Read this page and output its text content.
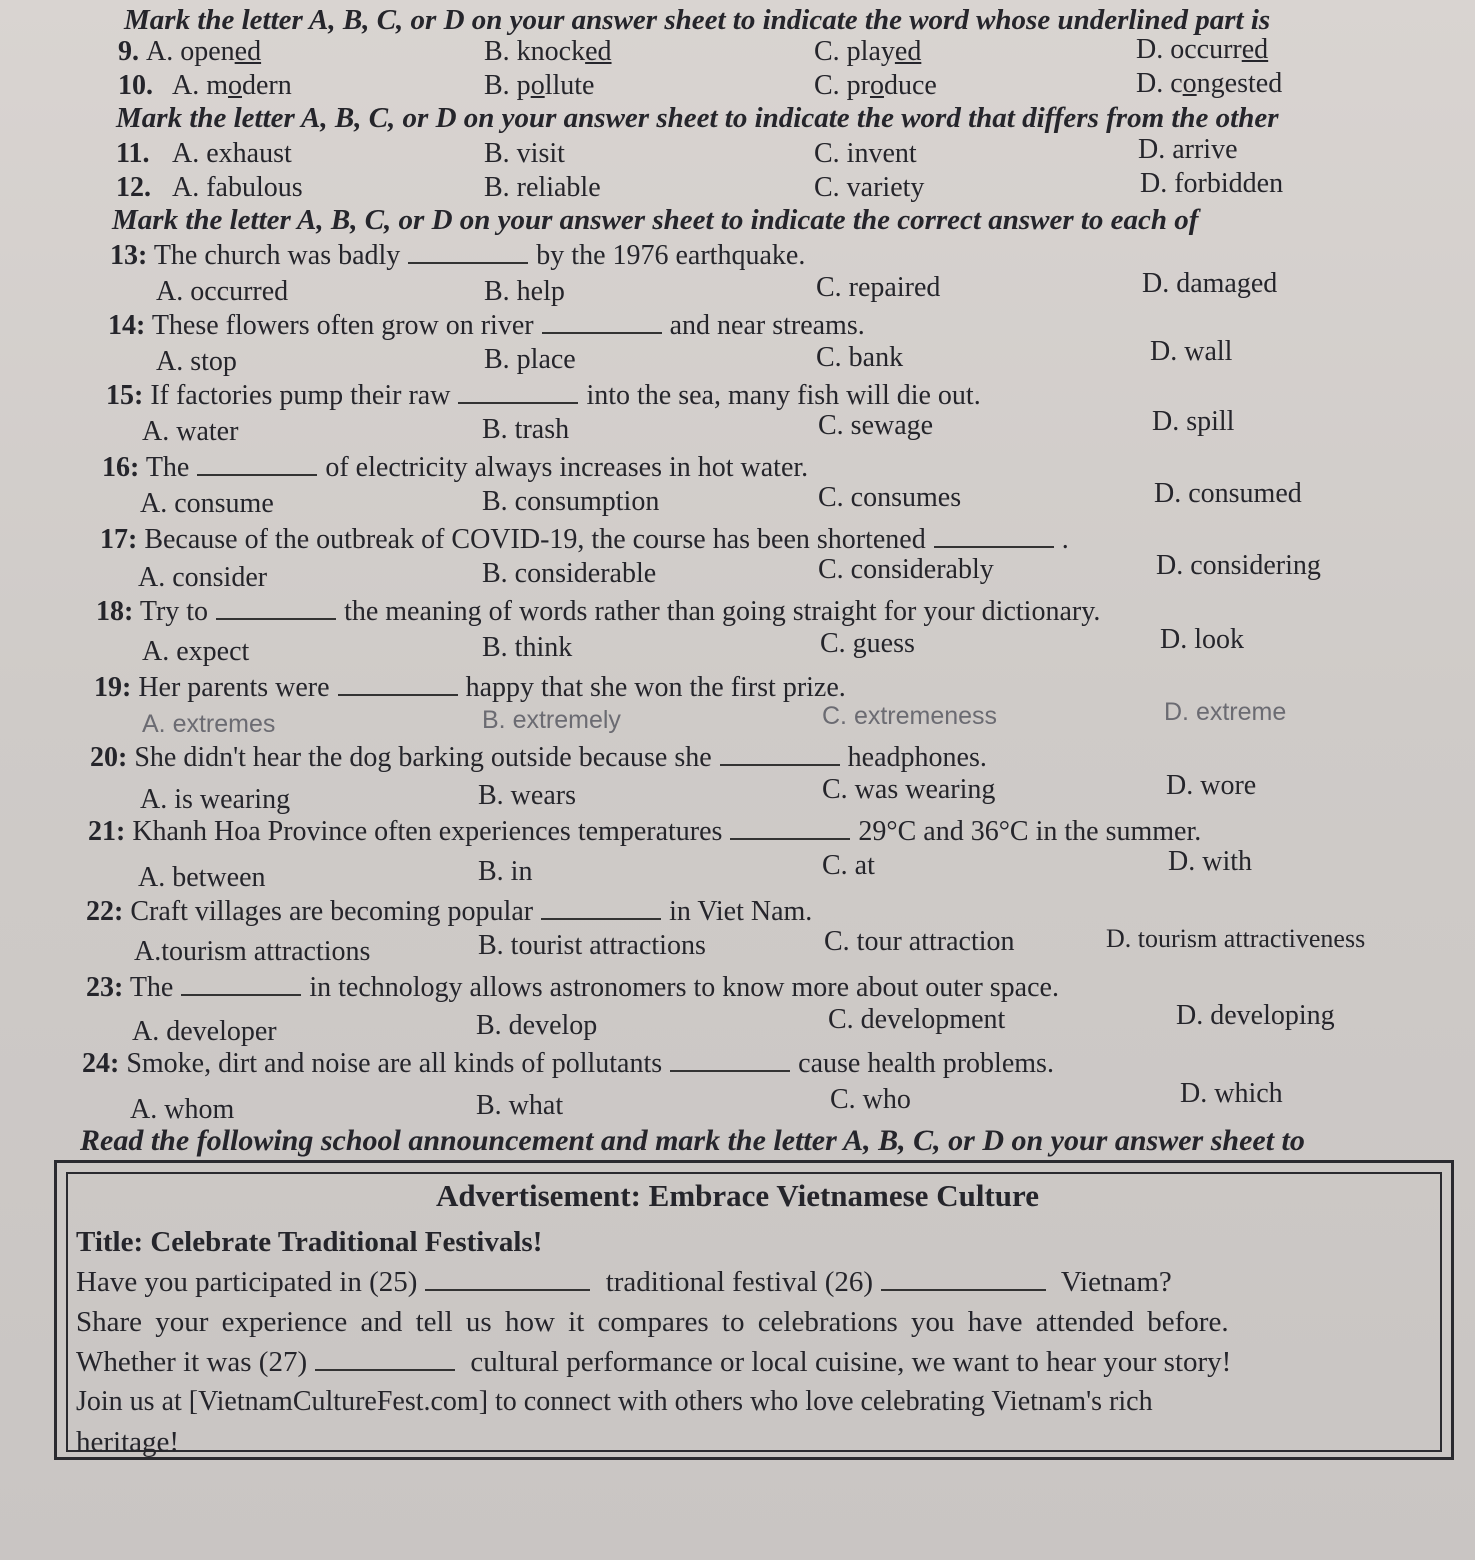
Mark the letter A, B, C, or D on your answer sheet to indicate the word whose underlined part is
9. A. opened	B. knocked	C. played	D. occurred
10. A. modern	B. pollute	C. produce	D. congested
Mark the letter A, B, C, or D on your answer sheet to indicate the word that differs from the other
11. A. exhaust	B. visit	C. invent	D. arrive
12. A. fabulous	B. reliable	C. variety	D. forbidden
Mark the letter A, B, C, or D on your answer sheet to indicate the correct answer to each of
13: The church was badly	by the 1976 earthquake.
A. occurred	B. help	C. repaired	D. damaged
14: These flowers often grow on river	and near streams.
A. stop	B. place	C. bank	D. wall
15: If factories pump their raw	into the sea, many fish will die out.
A. water	B. trash	C. sewage	D. spill
16: The	of electricity always increases in hot water.
A. consume	B. consumption	C. consumes	D. consumed
17: Because of the outbreak of COVID-19, the course has been shortened	.
A. consider	B. considerable	C. considerably	D. considering
18: Try to	the meaning of words rather than going straight for your dictionary.
A. expect	B. think	C. guess	D. look
19: Her parents were	happy that she won the first prize.
A. extremes	B. extremely	C. extremeness	D. extreme
20: She didn't hear the dog barking outside because she	headphones.
A. is wearing	B. wears	C. was wearing	D. wore
21: Khanh Hoa Province often experiences temperatures	29°C and 36°C in the summer.
A. between	B. in	C. at	D. with
22: Craft villages are becoming popular	in Viet Nam.
A.tourism attractions	B. tourist attractions	C. tour attraction	D. tourism attractiveness
23: The	in technology allows astronomers to know more about outer space.
A. developer	B. develop	C. development	D. developing
24: Smoke, dirt and noise are all kinds of pollutants	cause health problems.
A. whom	B. what	C. who	D. which
Read the following school announcement and mark the letter A, B, C, or D on your answer sheet to
Advertisement: Embrace Vietnamese Culture
Title: Celebrate Traditional Festivals!
Have you participated in (25)	traditional festival (26)	Vietnam?
Share your experience and tell us how it compares to celebrations you have attended before.
Whether it was (27)	cultural performance or local cuisine, we want to hear your story!
Join us at [VietnamCultureFest.com] to connect with others who love celebrating Vietnam's rich
heritage!
